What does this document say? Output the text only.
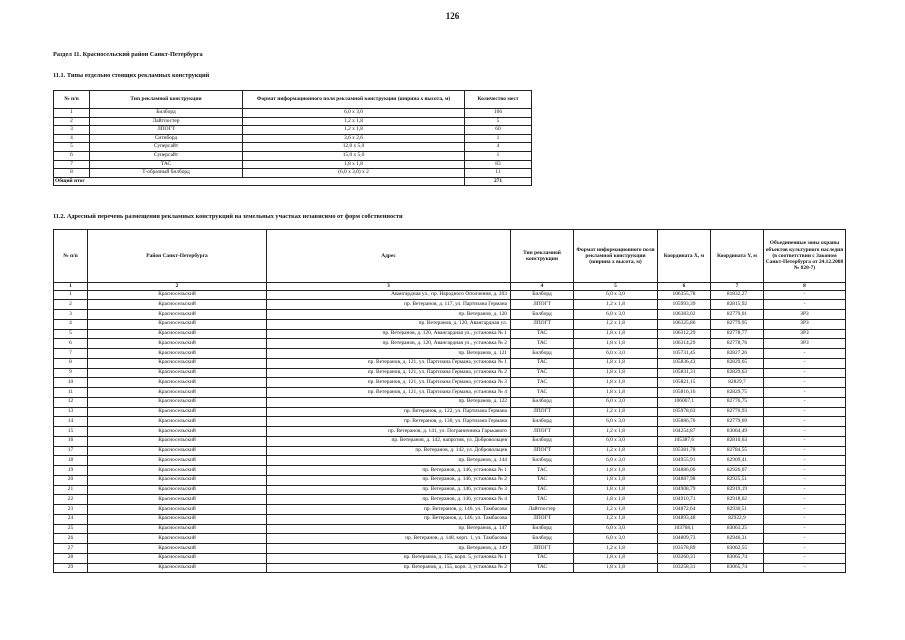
126
Раздел 11. Красносельский район Санкт-Петербурга
11.1. Типы отдельно стоящих рекламных конструкций
№ п/п	Тип рекламной конструкции	Формат информационного поля рекламной конструкции (ширина х высота, м)	Количество мест
1	Билборд	6,0 х 3,0	106
2	Лайтпостер	1,2 х 1,8	5
3	ЛПОГТ	1,2 х 1,8	60
4	Ситиборд	3,6 х 2,6	1
5	Суперсайт	12,0 х 5,0	4
6	Суперсайт	15,0 х 5,0	1
7	ТАС	1,8 х 1,8	83
8	Т-образный билборд	(6,0 х 3,0) х 2	11
Общий итог			271
11.2. Адресный перечень размещения рекламных конструкций на земельных участках независимо от форм собственности
№ п/п	Район Санкт-Петербурга	Адрес	Тип рекламной конструкции	Формат информационного поля рекламной конструкции (ширина х высота, м)	Координата X, м	Координата Y, м	Объединенные зоны охраны объектов культурного наследия (в соответствии с Законом Санкт-Петербурга от 24.12.2008 № 820-7)
1	2	3	4	5	6	7	8
1	Красносельский	Авангардная ул., пр. Народного Ополчения, д. 203	Билборд	6,0 х 3,0	106355,78	81832,27	-
2	Красносельский	пр. Ветеранов, д. 117, ул. Партизана Германа	ЛПОГТ	1,2 х 1,8	105993,39	82815,92	-
3	Красносельский	пр. Ветеранов, д. 120	Билборд	6,0 х 3,0	106383,02	82779,01	ЗРЗ
4	Красносельский	пр. Ветеранов, д. 120, Авангардная ул.	ЛПОГТ	1,2 х 1,8	106325,86	82779,95	ЗРЗ
5	Красносельский	пр. Ветеранов, д. 120, Авангардная ул., установка № 1	ТАС	1,8 х 1,8	106312,29	82778,77	ЗРЗ
6	Красносельский	пр. Ветеранов, д. 120, Авангардная ул., установка № 2	ТАС	1,8 х 1,8	106314,29	82778,76	ЗРЗ
7	Красносельский	пр. Ветеранов, д. 121	Билборд	6,0 х 3,0	105731,45	82827,26	-
8	Красносельский	пр. Ветеранов, д. 121, ул. Партизана Германа, установка № 1	ТАС	1,8 х 1,8	105836,43	82829,65	-
9	Красносельский	пр. Ветеранов, д. 121, ул. Партизана Германа, установка № 2	ТАС	1,8 х 1,8	105831,31	82829,63	-
10	Красносельский	пр. Ветеранов, д. 121, ул. Партизана Германа, установка № 3	ТАС	1,8 х 1,8	105821,15	82829,7	-
11	Красносельский	пр. Ветеранов, д. 121, ул. Партизана Германа, установка № 4	ТАС	1,8 х 1,8	105816,16	82829,75	-
12	Красносельский	пр. Ветеранов, д. 122	Билборд	6,0 х 3,0	106067,1	82776,75	-
13	Красносельский	пр. Ветеранов, д. 122, ул. Партизана Германа	ЛПОГТ	1,2 х 1,8	105978,63	82776,93	-
14	Красносельский	пр. Ветеранов, д. 130, ул. Партизана Германа	Билборд	6,0 х 3,0	105886,76	82779,69	-
15	Красносельский	пр. Ветеранов, д. 141, ул. Пограничника Гарькавого	ЛПОГТ	1,2 х 1,8	104254,87	83064,49	-
16	Красносельский	пр. Ветеранов, д. 142, напротив, ул. Добровольцев	Билборд	6,0 х 3,0	105387,6	82810,63	-
17	Красносельский	пр. Ветеранов, д. 142, ул. Добровольцев	ЛПОГТ	1,2 х 1,8	105381,78	82784,55	-
18	Красносельский	пр. Ветеранов, д. 144	Билборд	6,0 х 3,0	104955,91	82909,41	-
19	Красносельский	пр. Ветеранов, д. 146, установка № 1	ТАС	1,8 х 1,8	104886,06	82926,07	-
20	Красносельский	пр. Ветеранов, д. 146, установка № 2	ТАС	1,8 х 1,8	104887,98	82925,51	-
21	Красносельский	пр. Ветеранов, д. 146, установка № 3	ТАС	1,8 х 1,8	104908,79	82919,19	-
22	Красносельский	пр. Ветеранов, д. 146, установка № 4	ТАС	1,8 х 1,8	104910,71	82918,62	-
23	Красносельский	пр. Ветеранов, д. 146, ул. Тамбасова	Лайтпостер	1,2 х 1,8	104872,64	82930,51	-
24	Красносельский	пр. Ветеранов, д. 146, ул. Тамбасова	ЛПОГТ	1,2 х 1,8	104893,48	82922,9	-
25	Красносельский	пр. Ветеранов, д. 147	Билборд	6,0 х 3,0	103768,1	83063,25	-
26	Красносельский	пр. Ветеранов, д. 148, корп. 1, ул. Тамбасова	Билборд	6,0 х 3,0	104809,73	82946,31	-
27	Красносельский	пр. Ветеранов, д. 149	ЛПОГТ	1,2 х 1,8	103578,89	83062,55	-
28	Красносельский	пр. Ветеранов, д. 155, корп. 5, установка № 1	ТАС	1,8 х 1,8	103260,31	83065,74	-
29	Красносельский	пр. Ветеранов, д. 155, корп. 3, установка № 2	ТАС	1,8 х 1,8	103258,31	83065,74	-
